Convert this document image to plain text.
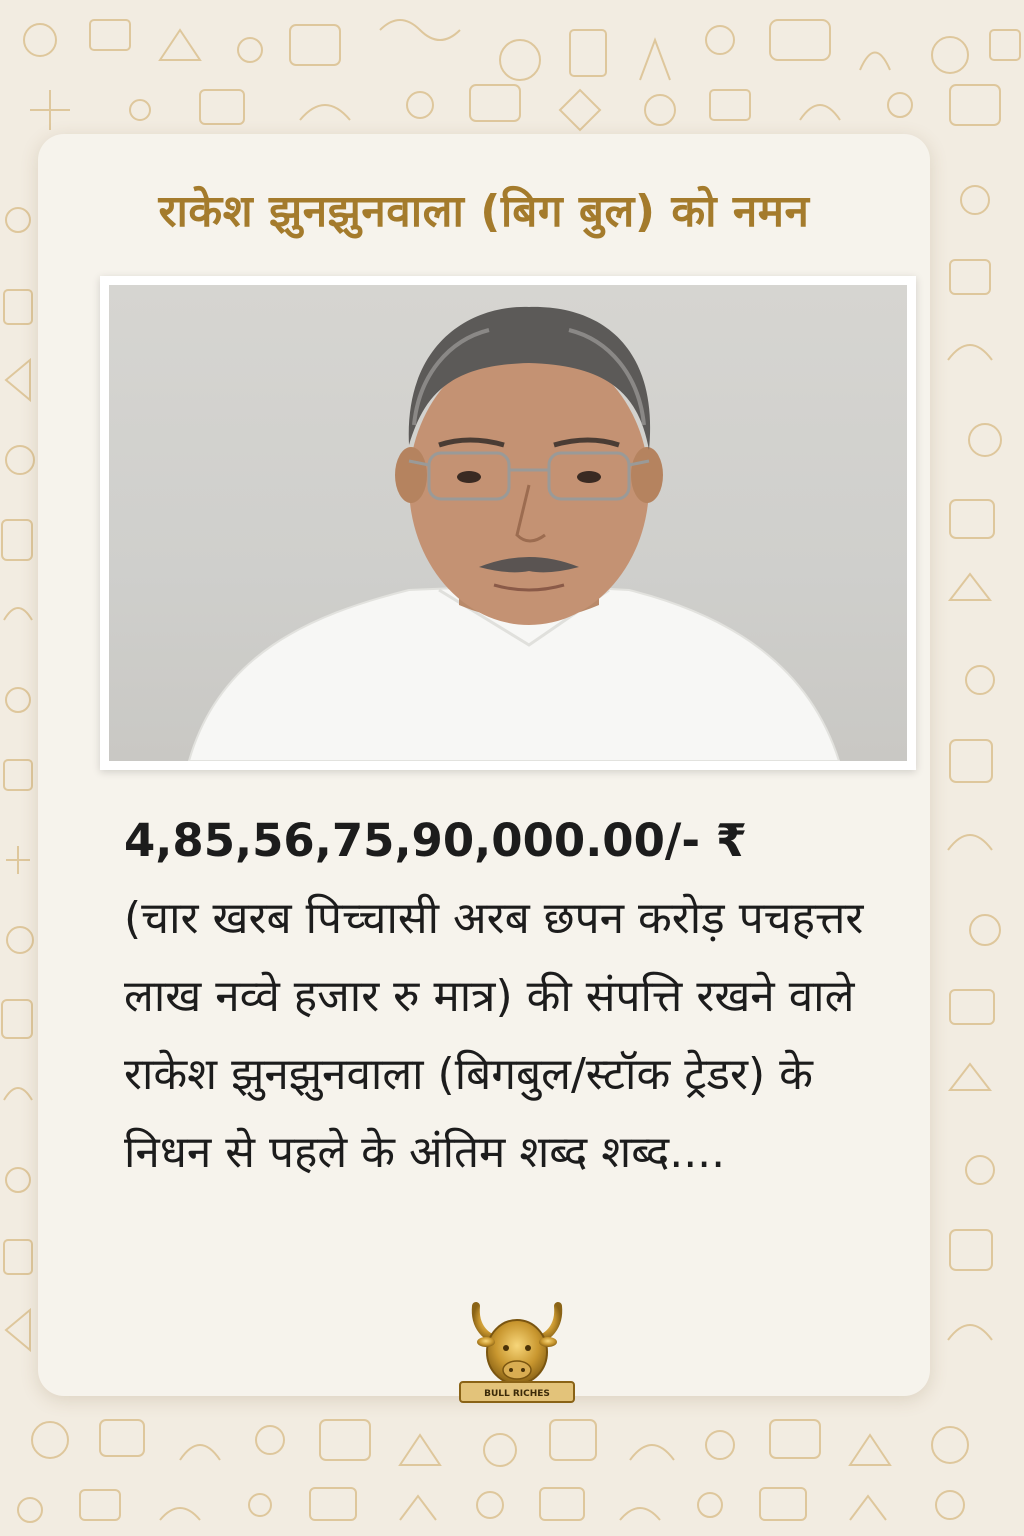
राकेश झुनझुनवाला (बिग बुल) को नमन
4,85,56,75,90,000.00/- ₹
(चार खरब पिच्चासी अरब छपन करोड़ पचहत्तर लाख नव्वे हजार रु मात्र) की संपत्ति रखने वाले राकेश झुनझुनवाला (बिगबुल/स्टॉक ट्रेडर) के निधन से पहले के अंतिम शब्द शब्द....
BULL RICHES
